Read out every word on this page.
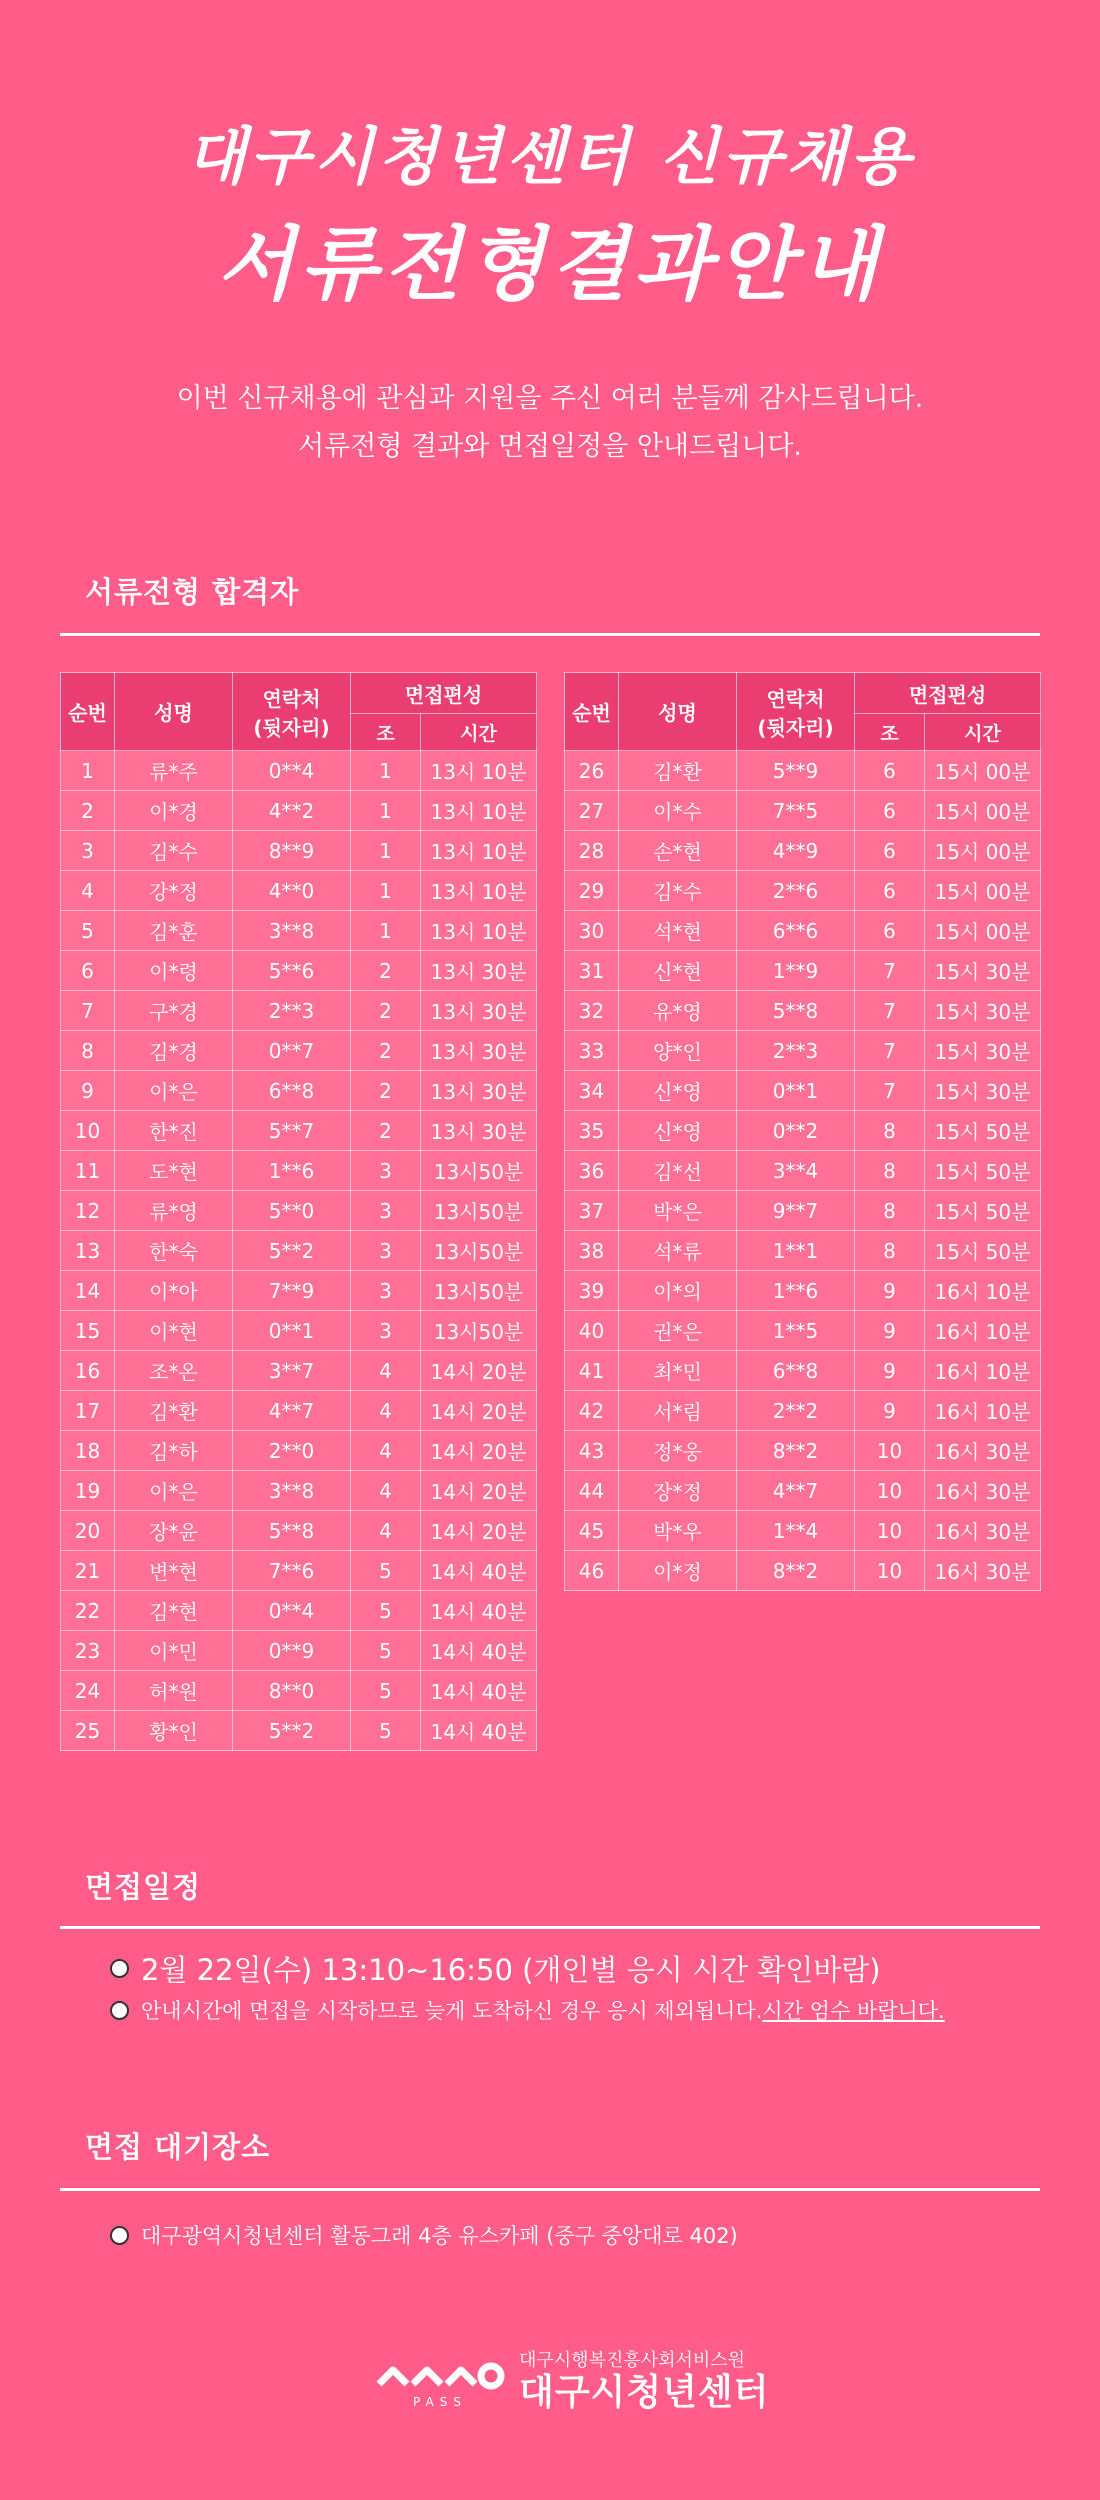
대구시청년센터 신규채용
서류전형결과안내
이번 신규채용에 관심과 지원을 주신 여러 분들께 감사드립니다.
서류전형 결과와 면접일정을 안내드립니다.
서류전형 합격자
순번	성명	연락처
(뒷자리)	면접편성	
			조	시간
1	류*주	0**4	1	13시 10분
2	이*경	4**2	1	13시 10분
3	김*수	8**9	1	13시 10분
4	강*정	4**0	1	13시 10분
5	김*훈	3**8	1	13시 10분
6	이*령	5**6	2	13시 30분
7	구*경	2**3	2	13시 30분
8	김*경	0**7	2	13시 30분
9	이*은	6**8	2	13시 30분
10	한*진	5**7	2	13시 30분
11	도*현	1**6	3	13시50분
12	류*영	5**0	3	13시50분
13	한*숙	5**2	3	13시50분
14	이*아	7**9	3	13시50분
15	이*현	0**1	3	13시50분
16	조*온	3**7	4	14시 20분
17	김*환	4**7	4	14시 20분
18	김*하	2**0	4	14시 20분
19	이*은	3**8	4	14시 20분
20	장*윤	5**8	4	14시 20분
21	변*현	7**6	5	14시 40분
22	김*현	0**4	5	14시 40분
23	이*민	0**9	5	14시 40분
24	허*원	8**0	5	14시 40분
25	황*인	5**2	5	14시 40분
순번	성명	연락처
(뒷자리)	면접편성	
			조	시간
26	김*환	5**9	6	15시 00분
27	이*수	7**5	6	15시 00분
28	손*현	4**9	6	15시 00분
29	김*수	2**6	6	15시 00분
30	석*현	6**6	6	15시 00분
31	신*현	1**9	7	15시 30분
32	유*영	5**8	7	15시 30분
33	양*인	2**3	7	15시 30분
34	신*영	0**1	7	15시 30분
35	신*영	0**2	8	15시 50분
36	김*선	3**4	8	15시 50분
37	박*은	9**7	8	15시 50분
38	석*류	1**1	8	15시 50분
39	이*의	1**6	9	16시 10분
40	권*은	1**5	9	16시 10분
41	최*민	6**8	9	16시 10분
42	서*림	2**2	9	16시 10분
43	정*웅	8**2	10	16시 30분
44	장*정	4**7	10	16시 30분
45	박*우	1**4	10	16시 30분
46	이*정	8**2	10	16시 30분
면접일정
2월 22일(수) 13:10~16:50 (개인별 응시 시간 확인바람)
안내시간에 면접을 시작하므로 늦게 도착하신 경우 응시 제외됩니다. 시간 엄수 바랍니다.
면접 대기장소
대구광역시청년센터 활동그래 4층 유스카페 (중구 중앙대로 402)
PASS
대구시행복진흥사회서비스원
대구시청년센터
